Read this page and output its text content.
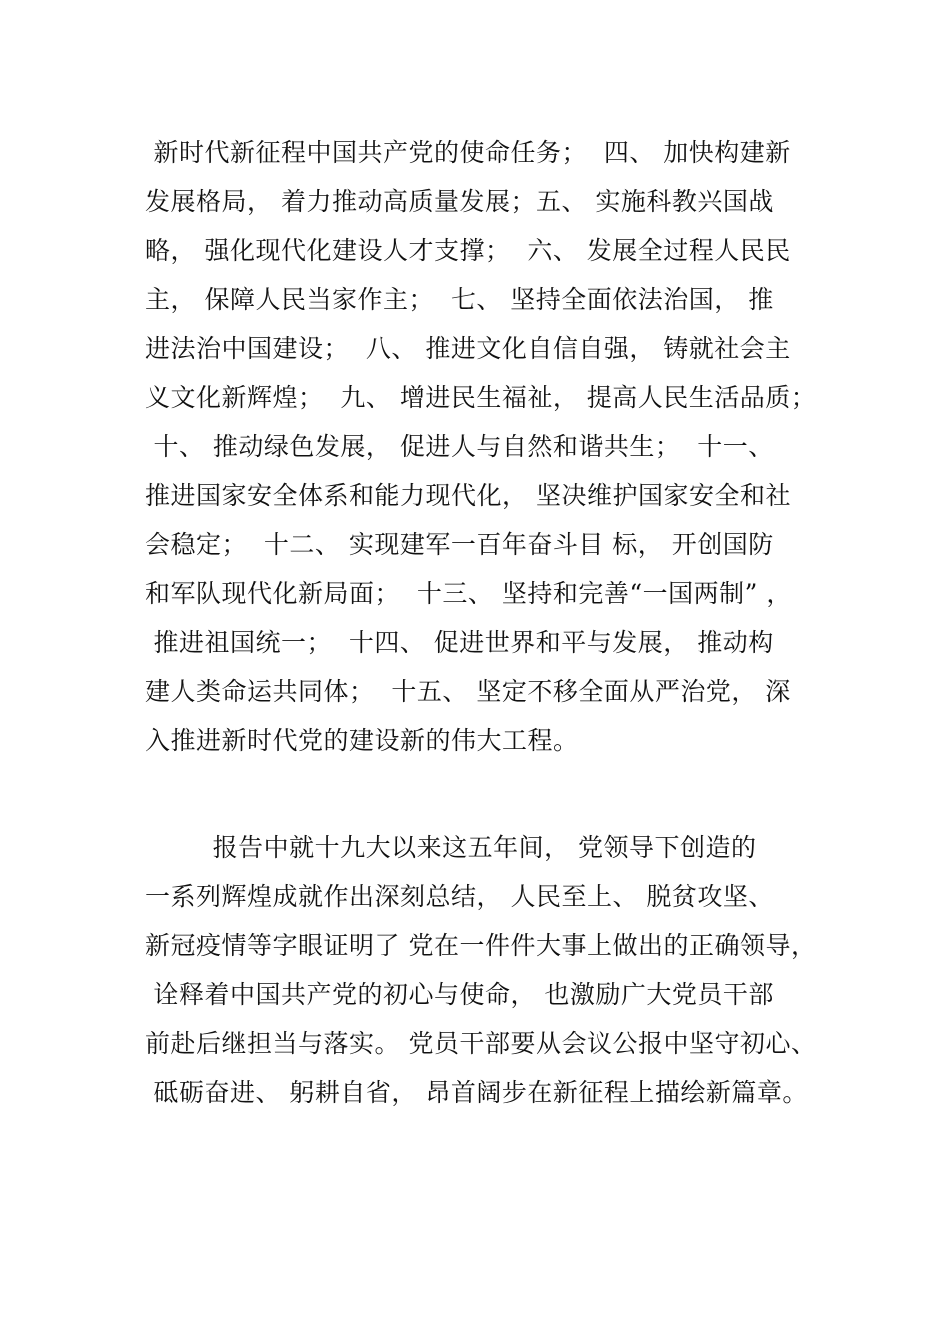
新时代新征程中国共产党的使命任务；  四、 加快构建新
发展格局， 着力推动高质量发展；五、 实施科教兴国战
略， 强化现代化建设人才支撑；  六、 发展全过程人民民
主， 保障人民当家作主；  七、 坚持全面依法治国， 推
进法治中国建设；  八、 推进文化自信自强， 铸就社会主
义文化新辉煌；  九、 增进民生福祉， 提高人民生活品质；
十、 推动绿色发展， 促进人与自然和谐共生；  十一、
推进国家安全体系和能力现代化， 坚决维护国家安全和社
会稳定；  十二、 实现建军一百年奋斗目 标， 开创国防
和军队现代化新局面；  十三、 坚持和完善“一国两制” ，
推进祖国统一；  十四、 促进世界和平与发展， 推动构
建人类命运共同体；  十五、 坚定不移全面从严治党， 深
入推进新时代党的建设新的伟大工程。
报告中就十九大以来这五年间， 党领导下创造的
一系列辉煌成就作出深刻总结， 人民至上、 脱贫攻坚、
新冠疫情等字眼证明了 党在一件件大事上做出的正确领导，
诠释着中国共产党的初心与使命， 也激励广大党员干部
前赴后继担当与落实。 党员干部要从会议公报中坚守初心、
砥砺奋进、 躬耕自省， 昂首阔步在新征程上描绘新篇章。
